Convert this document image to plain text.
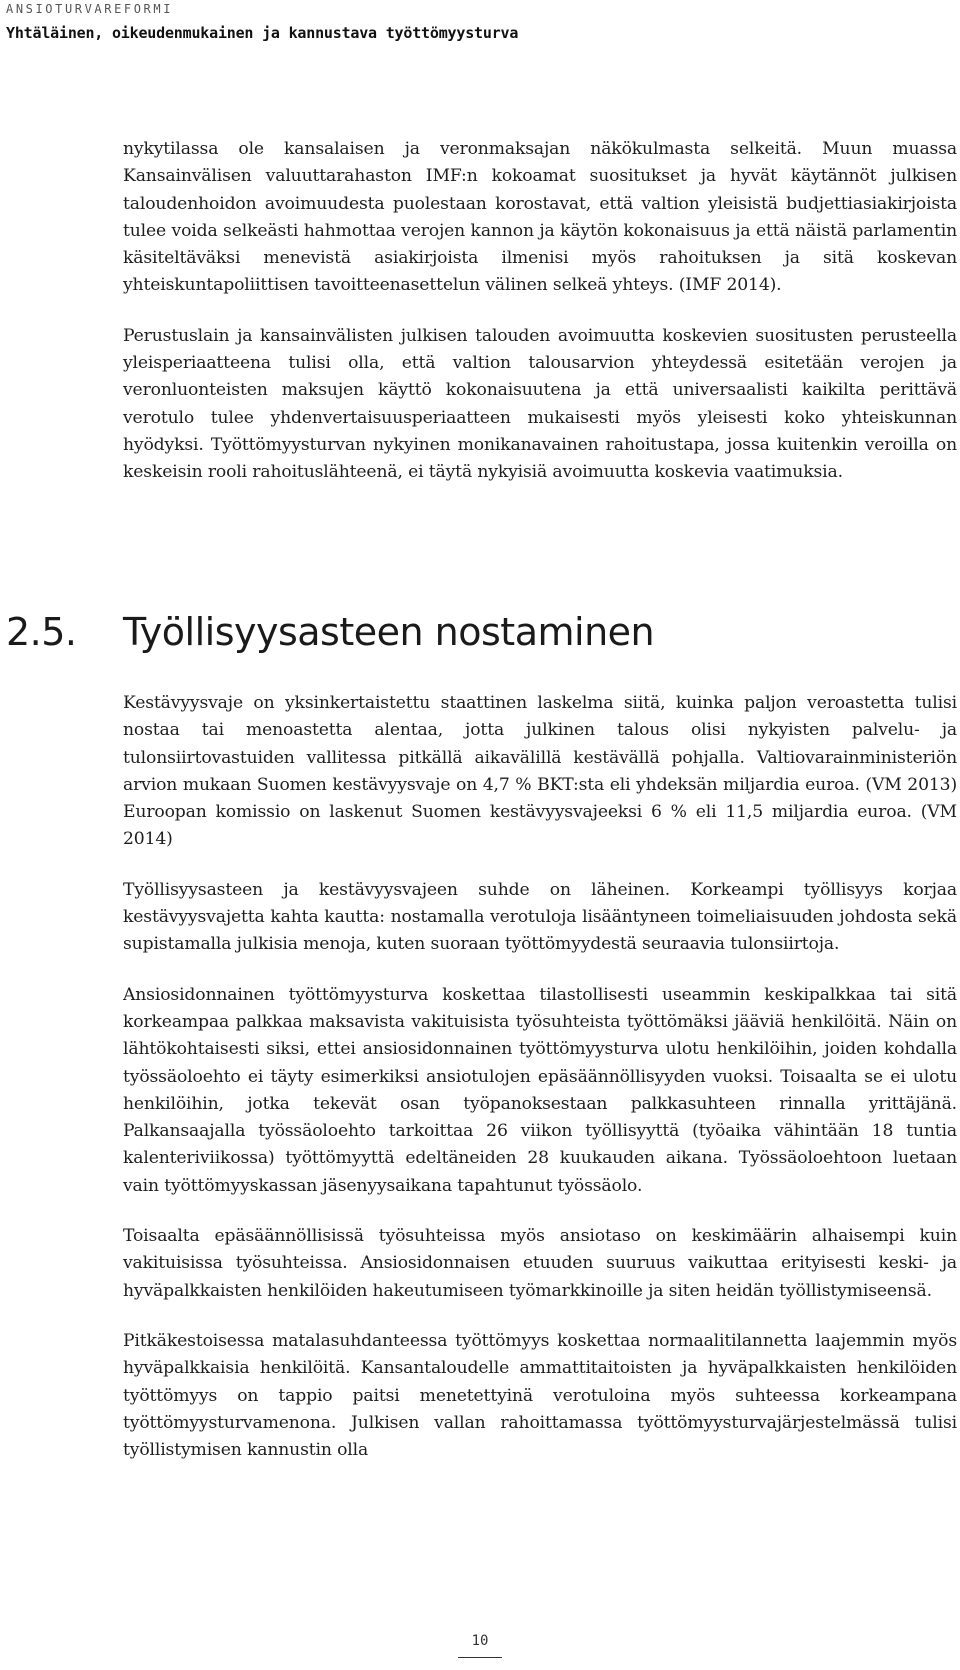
ANSIOTURVAREFORMI
Yhtäläinen, oikeudenmukainen ja kannustava työttömyysturva

nykytilassa ole kansalaisen ja veronmaksajan näkökulmasta selkeitä. Muun muassa Kansainvälisen valuuttarahaston IMF:n kokoamat suositukset ja hyvät käytännöt julkisen taloudenhoidon avoimuudesta puolestaan korostavat, että valtion yleisistä budjettiasiakirjoista tulee voida selkeästi hahmottaa verojen kannon ja käytön kokonaisuus ja että näistä parlamentin käsiteltäväksi menevistä asiakirjoista ilmenisi myös rahoituksen ja sitä koskevan yhteiskuntapoliittisen tavoitteenasettelun välinen selkeä yhteys. (IMF 2014).

Perustuslain ja kansainvälisten julkisen talouden avoimuutta koskevien suositusten perusteella yleisperiaatteena tulisi olla, että valtion talousarvion yhteydessä esitetään verojen ja veronluonteisten maksujen käyttö kokonaisuutena ja että universaalisti kaikilta perittävä verotulo tulee yhdenvertaisuusperiaatteen mukaisesti myös yleisesti koko yhteiskunnan hyödyksi. Työttömyysturvan nykyinen monikanavainen rahoitustapa, jossa kuitenkin veroilla on keskeisin rooli rahoituslähteenä, ei täytä nykyisiä avoimuutta koskevia vaatimuksia.

2.5.	Työllisyysasteen nostaminen

Kestävyysvaje on yksinkertaistettu staattinen laskelma siitä, kuinka paljon veroastetta tulisi nostaa tai menoastetta alentaa, jotta julkinen talous olisi nykyisten palvelu- ja tulonsiirtovastuiden vallitessa pitkällä aikavälillä kestävällä pohjalla. Valtiovarainministeriön arvion mukaan Suomen kestävyysvaje on 4,7 % BKT:sta eli yhdeksän miljardia euroa. (VM 2013) Euroopan komissio on laskenut Suomen kestävyysvajeeksi 6 % eli 11,5 miljardia euroa. (VM 2014)

Työllisyysasteen ja kestävyysvajeen suhde on läheinen. Korkeampi työllisyys korjaa kestävyysvajetta kahta kautta: nostamalla verotuloja lisääntyneen toimeliaisuuden johdosta sekä supistamalla julkisia menoja, kuten suoraan työttömyydestä seuraavia tulonsiirtoja.

Ansiosidonnainen työttömyysturva koskettaa tilastollisesti useammin keskipalkkaa tai sitä korkeampaa palkkaa maksavista vakituisista työsuhteista työttömäksi jääviä henkilöitä. Näin on lähtökohtaisesti siksi, ettei ansiosidonnainen työttömyysturva ulotu henkilöihin, joiden kohdalla työssäoloehto ei täyty esimerkiksi ansiotulojen epäsäännöllisyyden vuoksi. Toisaalta se ei ulotu henkilöihin, jotka tekevät osan työpanoksestaan palkkasuhteen rinnalla yrittäjänä. Palkansaajalla työssäoloehto tarkoittaa 26 viikon työllisyyttä (työaika vähintään 18 tuntia kalenteriviikossa) työttömyyttä edeltäneiden 28 kuukauden aikana. Työssäoloehtoon luetaan vain työttömyyskassan jäsenyysaikana tapahtunut työssäolo.

Toisaalta epäsäännöllisissä työsuhteissa myös ansiotaso on keskimäärin alhaisempi kuin vakituisissa työsuhteissa. Ansiosidonnaisen etuuden suuruus vaikuttaa erityisesti keski- ja hyväpalkkaisten henkilöiden hakeutumiseen työmarkkinoille ja siten heidän työllistymiseensä.

Pitkäkestoisessa matalasuhdanteessa työttömyys koskettaa normaalitilannetta laajemmin myös hyväpalkkaisia henkilöitä. Kansantaloudelle ammattitaitoisten ja hyväpalkkaisten henkilöiden työttömyys on tappio paitsi menetettyinä verotuloina myös suhteessa korkeampana työttömyysturvamenona. Julkisen vallan rahoittamassa työttömyysturvajärjestelmässä tulisi työllistymisen kannustin olla

10
